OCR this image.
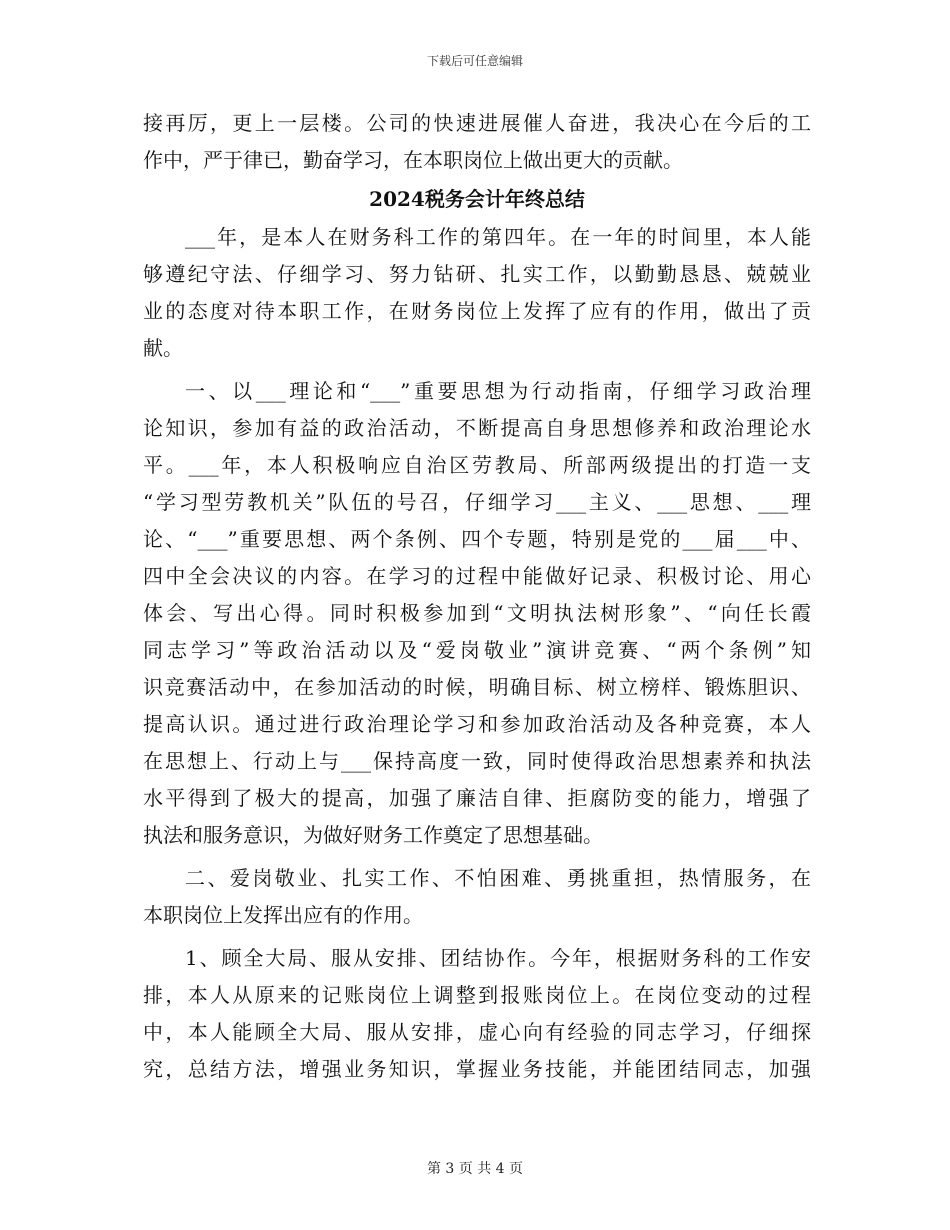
下载后可任意编辑
接再厉，更上一层楼。公司的快速进展催人奋进，我决心在今后的工
作中，严于律已，勤奋学习，在本职岗位上做出更大的贡献。
2024税务会计年终总结
___年，是本人在财务科工作的第四年。在一年的时间里，本人能
够遵纪守法、仔细学习、努力钻研、扎实工作，以勤勤恳恳、兢兢业
业的态度对待本职工作，在财务岗位上发挥了应有的作用，做出了贡
献。
一、以___理论和“___”重要思想为行动指南，仔细学习政治理
论知识，参加有益的政治活动，不断提高自身思想修养和政治理论水
平。___年，本人积极响应自治区劳教局、所部两级提出的打造一支
“学习型劳教机关”队伍的号召，仔细学习___主义、___思想、___理
论、“___”重要思想、两个条例、四个专题，特别是党的___届___中、
四中全会决议的内容。在学习的过程中能做好记录、积极讨论、用心
体会、写出心得。同时积极参加到“文明执法树形象”、“向任长霞
同志学习”等政治活动以及“爱岗敬业”演讲竞赛、“两个条例”知
识竞赛活动中，在参加活动的时候，明确目标、树立榜样、锻炼胆识、
提高认识。通过进行政治理论学习和参加政治活动及各种竞赛，本人
在思想上、行动上与___保持高度一致，同时使得政治思想素养和执法
水平得到了极大的提高，加强了廉洁自律、拒腐防变的能力，增强了
执法和服务意识，为做好财务工作奠定了思想基础。
二、爱岗敬业、扎实工作、不怕困难、勇挑重担，热情服务，在
本职岗位上发挥出应有的作用。
1、顾全大局、服从安排、团结协作。今年，根据财务科的工作安
排，本人从原来的记账岗位上调整到报账岗位上。在岗位变动的过程
中，本人能顾全大局、服从安排，虚心向有经验的同志学习，仔细探
究，总结方法，增强业务知识，掌握业务技能，并能团结同志，加强
第 3 页 共 4 页
